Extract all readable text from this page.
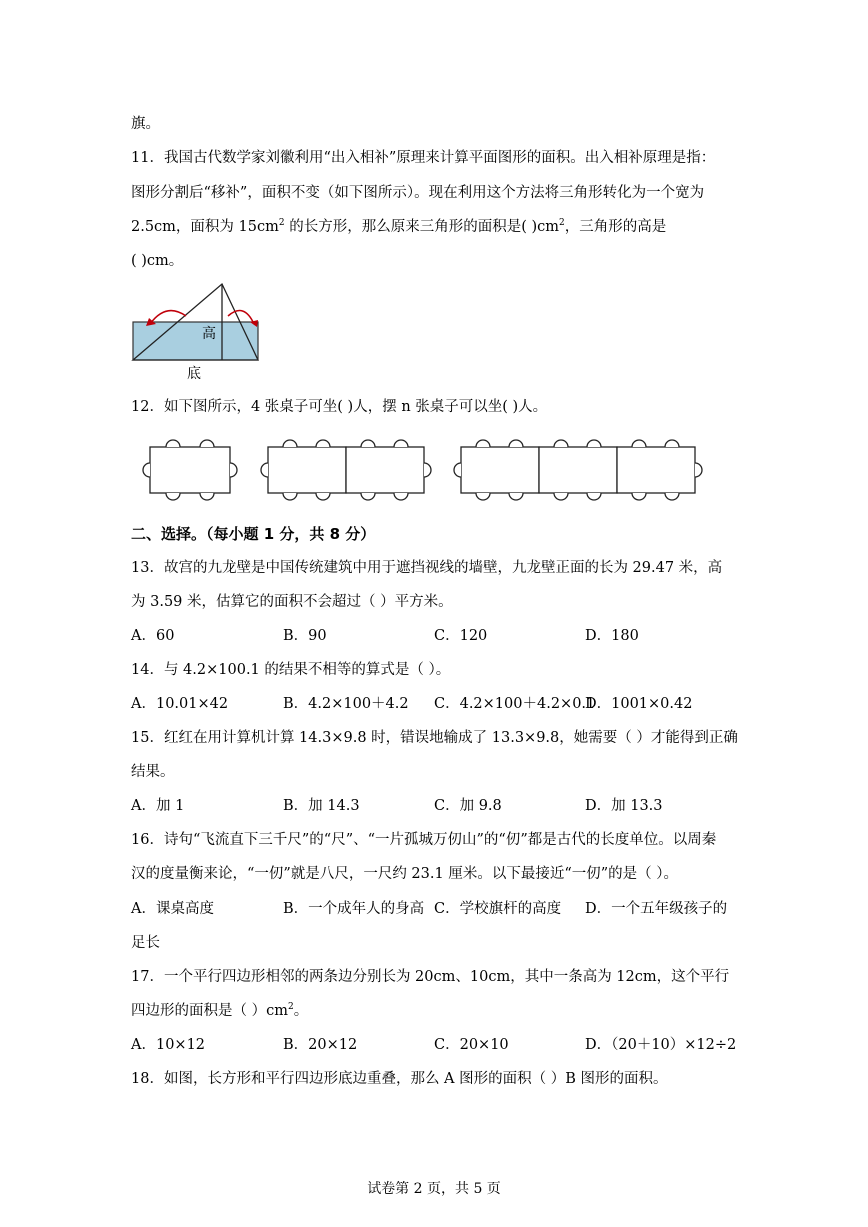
旗。
11．我国古代数学家刘徽利用“出入相补”原理来计算平面图形的面积。出入相补原理是指：
图形分割后“移补”，面积不变（如下图所示）。现在利用这个方法将三角形转化为一个宽为
2.5cm，面积为 $15cm^2$ 的长方形，那么原来三角形的面积是( )$cm^2$，三角形的高是
( )cm。
高
底
12．如下图所示，4 张桌子可坐( )人，摆 n 张桌子可以坐( )人。
二、选择。（每小题 1 分，共 8 分）
13．故宫的九龙壁是中国传统建筑中用于遮挡视线的墙壁，九龙壁正面的长为 29.47 米，高
为 3.59 米，估算它的面积不会超过（ ）平方米。
A．60	B．90	C．120	D．180
14．与 4.2×100.1 的结果不相等的算式是（ ）。
A．10.01×42	B．4.2×100＋4.2 C．4.2×100＋4.2×0.1
D．1001×0.42
15．红红在用计算机计算 14.3×9.8 时，错误地输成了 13.3×9.8，她需要（ ）才能得到正确
结果。
A．加 1	B．加 14.3	C．加 9.8	D．加 13.3
16．诗句“飞流直下三千尺”的“尺”、“一片孤城万仞山”的“仞”都是古代的长度单位。以周秦
汉的度量衡来论，“一仞”就是八尺，一尺约 23.1 厘米。以下最接近“一仞”的是（ ）。
A．课桌高度	B．一个成年人的身高 C．学校旗杆的高度 D．一个五年级孩子的
足长
17．一个平行四边形相邻的两条边分别长为 20cm、10cm，其中一条高为 12cm，这个平行
四边形的面积是（ ）$cm^2$。
A．10×12	B．20×12	C．20×10	D．（20＋10）×12÷2
18．如图，长方形和平行四边形底边重叠，那么 A 图形的面积（ ）B 图形的面积。
试卷第 2 页，共 5 页
